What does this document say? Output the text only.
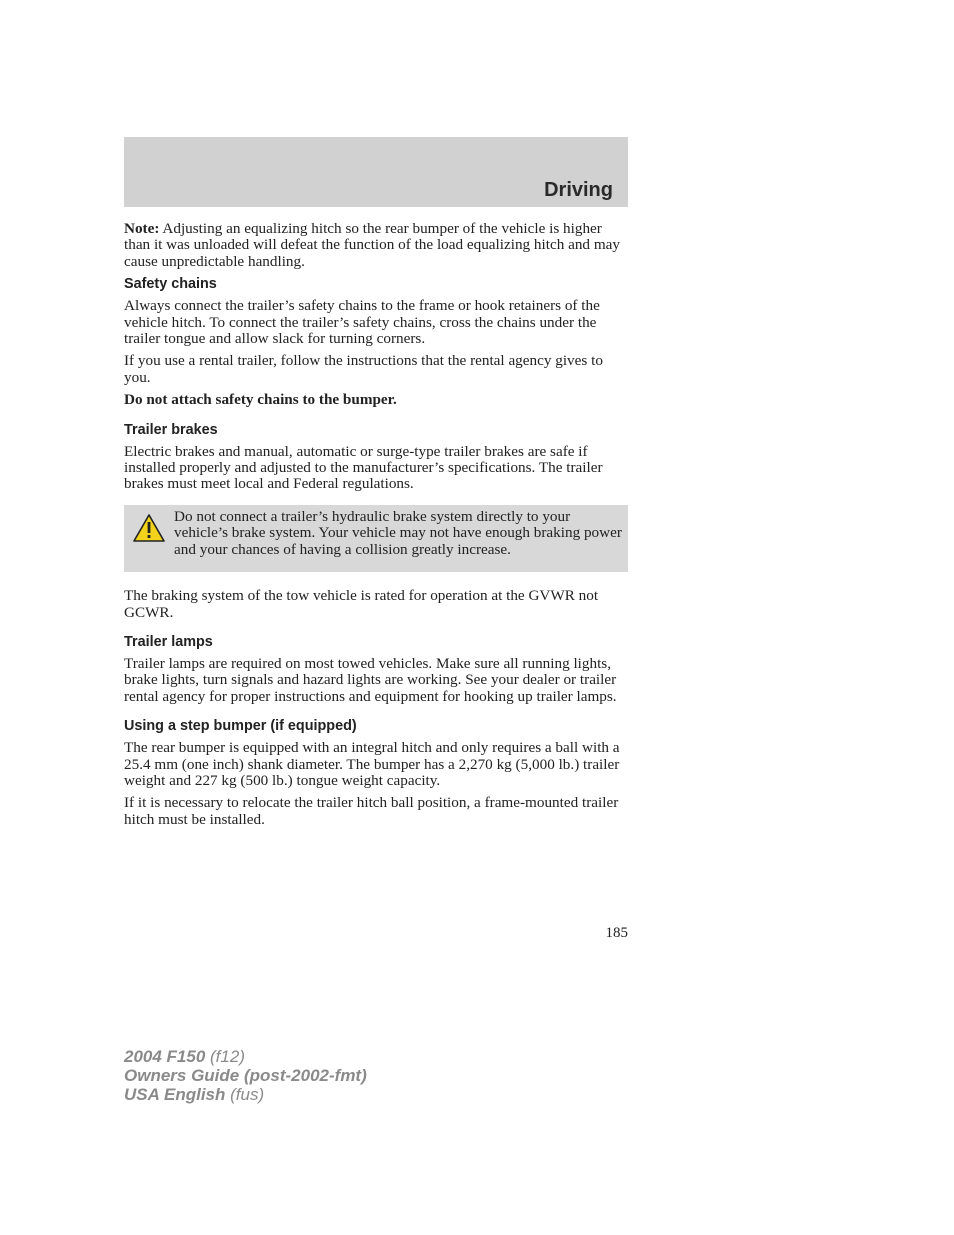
Driving

Note: Adjusting an equalizing hitch so the rear bumper of the vehicle is higher than it was unloaded will defeat the function of the load equalizing hitch and may cause unpredictable handling.

Safety chains

Always connect the trailer’s safety chains to the frame or hook retainers of the vehicle hitch. To connect the trailer’s safety chains, cross the chains under the trailer tongue and allow slack for turning corners.

If you use a rental trailer, follow the instructions that the rental agency gives to you.

Do not attach safety chains to the bumper.

Trailer brakes

Electric brakes and manual, automatic or surge-type trailer brakes are safe if installed properly and adjusted to the manufacturer’s specifications. The trailer brakes must meet local and Federal regulations.

Do not connect a trailer’s hydraulic brake system directly to your vehicle’s brake system. Your vehicle may not have enough braking power and your chances of having a collision greatly increase.

The braking system of the tow vehicle is rated for operation at the GVWR not GCWR.

Trailer lamps

Trailer lamps are required on most towed vehicles. Make sure all running lights, brake lights, turn signals and hazard lights are working. See your dealer or trailer rental agency for proper instructions and equipment for hooking up trailer lamps.

Using a step bumper (if equipped)

The rear bumper is equipped with an integral hitch and only requires a ball with a 25.4 mm (one inch) shank diameter. The bumper has a 2,270 kg (5,000 lb.) trailer weight and 227 kg (500 lb.) tongue weight capacity.

If it is necessary to relocate the trailer hitch ball position, a frame-mounted trailer hitch must be installed.

185
2004 F150 (f12)
Owners Guide (post-2002-fmt)
USA English (fus)
